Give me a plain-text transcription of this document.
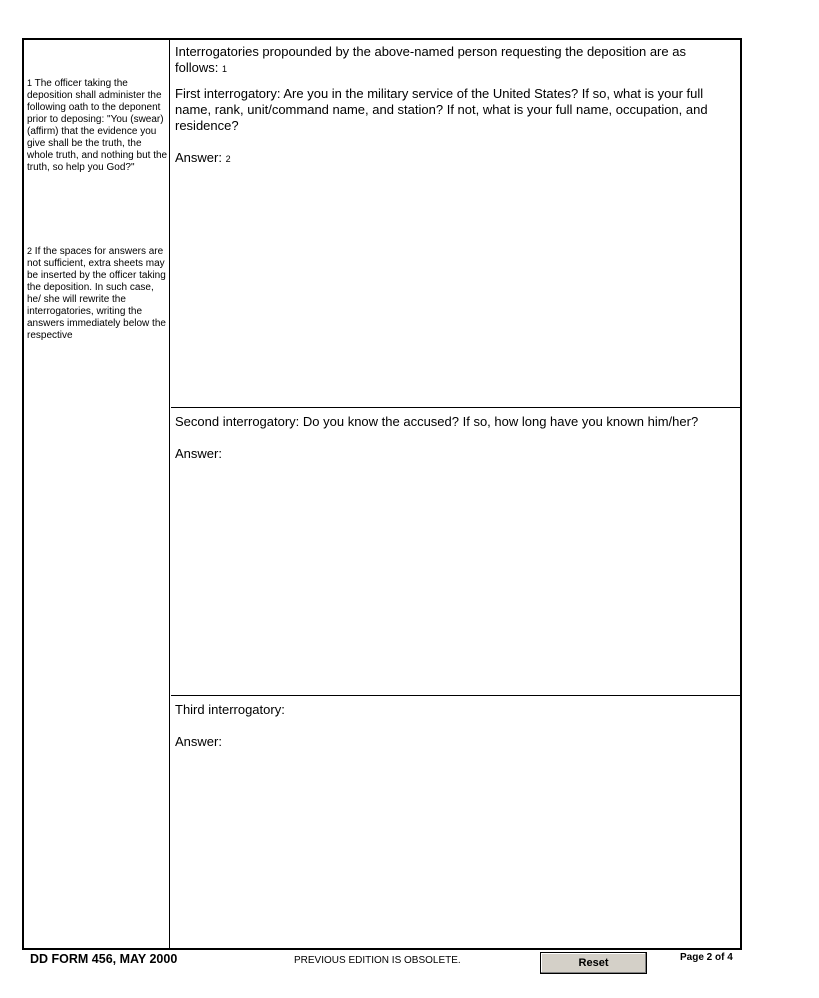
1 The officer taking the deposition shall administer the following oath to the deponent prior to deposing: "You (swear)(affirm) that the evidence you give shall be the truth, the whole truth, and nothing but the truth, so help you God?"
2 If the spaces for answers are not sufficient, extra sheets may be inserted by the officer taking the deposition. In such case, he/ she will rewrite the interrogatories, writing the answers immediately below the respective
Interrogatories propounded by the above-named person requesting the deposition are as follows: 1
First interrogatory: Are you in the military service of the United States? If so, what is your full name, rank, unit/command name, and station? If not, what is your full name, occupation, and residence?
Answer: 2
Second interrogatory: Do you know the accused? If so, how long have you known him/her?
Answer:
Third interrogatory:
Answer:
DD FORM 456, MAY 2000	PREVIOUS EDITION IS OBSOLETE.	Reset	Page 2 of 4
